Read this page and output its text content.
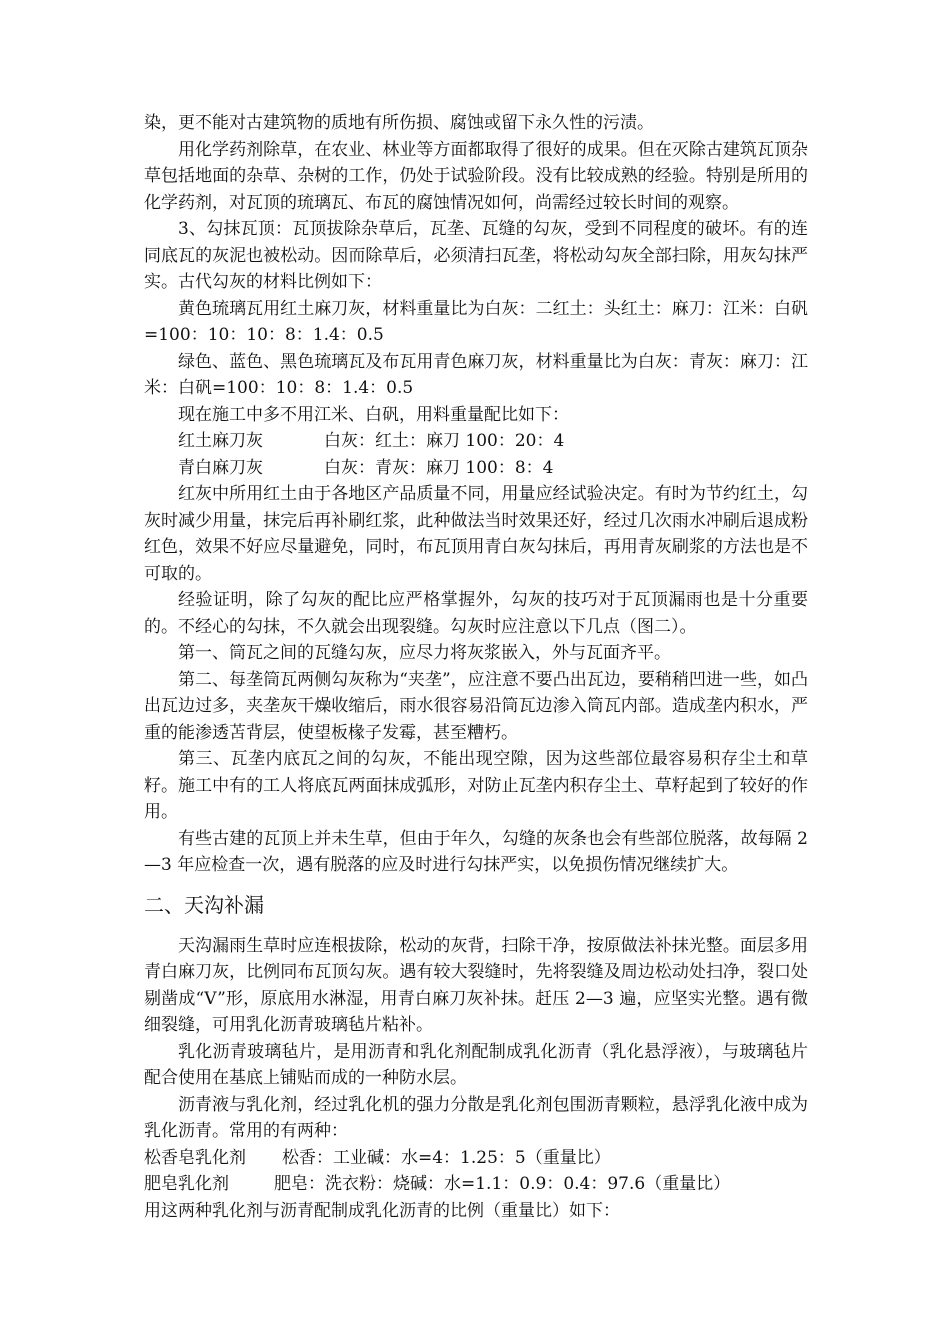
染，更不能对古建筑物的质地有所伤损、腐蚀或留下永久性的污渍。

用化学药剂除草，在农业、林业等方面都取得了很好的成果。但在灭除古建筑瓦顶杂草包括地面的杂草、杂树的工作，仍处于试验阶段。没有比较成熟的经验。特别是所用的化学药剂，对瓦顶的琉璃瓦、布瓦的腐蚀情况如何，尚需经过较长时间的观察。

3、勾抹瓦顶：瓦顶拔除杂草后，瓦垄、瓦缝的勾灰，受到不同程度的破坏。有的连同底瓦的灰泥也被松动。因而除草后，必须清扫瓦垄，将松动勾灰全部扫除，用灰勾抹严实。古代勾灰的材料比例如下：

黄色琉璃瓦用红土麻刀灰，材料重量比为白灰：二红土：头红土：麻刀：江米：白矾=100：10：10：8：1.4：0.5

绿色、蓝色、黑色琉璃瓦及布瓦用青色麻刀灰，材料重量比为白灰：青灰：麻刀：江米：白矾=100：10：8：1.4：0.5

现在施工中多不用江米、白矾，用料重量配比如下：

红土麻刀灰	白灰：红土：麻刀 100：20：4
青白麻刀灰	白灰：青灰：麻刀 100：8：4

红灰中所用红土由于各地区产品质量不同，用量应经试验决定。有时为节约红土，勾灰时减少用量，抹完后再补刷红浆，此种做法当时效果还好，经过几次雨水冲刷后退成粉红色，效果不好应尽量避免，同时，布瓦顶用青白灰勾抹后，再用青灰刷浆的方法也是不可取的。

经验证明，除了勾灰的配比应严格掌握外，勾灰的技巧对于瓦顶漏雨也是十分重要的。不经心的勾抹，不久就会出现裂缝。勾灰时应注意以下几点（图二）。

第一、筒瓦之间的瓦缝勾灰，应尽力将灰浆嵌入，外与瓦面齐平。

第二、每垄筒瓦两侧勾灰称为“夹垄”，应注意不要凸出瓦边，要稍稍凹进一些，如凸出瓦边过多，夹垄灰干燥收缩后，雨水很容易沿筒瓦边渗入筒瓦内部。造成垄内积水，严重的能渗透苫背层，使望板椽子发霉，甚至糟朽。

第三、瓦垄内底瓦之间的勾灰，不能出现空隙，因为这些部位最容易积存尘土和草籽。施工中有的工人将底瓦两面抹成弧形，对防止瓦垄内积存尘土、草籽起到了较好的作用。

有些古建的瓦顶上并未生草，但由于年久，勾缝的灰条也会有些部位脱落，故每隔 2—3 年应检查一次，遇有脱落的应及时进行勾抹严实，以免损伤情况继续扩大。

二、天沟补漏

天沟漏雨生草时应连根拔除，松动的灰背，扫除干净，按原做法补抹光整。面层多用青白麻刀灰，比例同布瓦顶勾灰。遇有较大裂缝时，先将裂缝及周边松动处扫净，裂口处剔凿成“V”形，原底用水淋湿，用青白麻刀灰补抹。赶压 2—3 遍，应坚实光整。遇有微细裂缝，可用乳化沥青玻璃毡片粘补。

乳化沥青玻璃毡片，是用沥青和乳化剂配制成乳化沥青（乳化悬浮液），与玻璃毡片配合使用在基底上铺贴而成的一种防水层。

沥青液与乳化剂，经过乳化机的强力分散是乳化剂包围沥青颗粒，悬浮乳化液中成为乳化沥青。常用的有两种：

松香皂乳化剂	松香：工业碱：水=4：1.25：5（重量比）
肥皂乳化剂	肥皂：洗衣粉：烧碱：水=1.1：0.9：0.4：97.6（重量比）

用这两种乳化剂与沥青配制成乳化沥青的比例（重量比）如下：
